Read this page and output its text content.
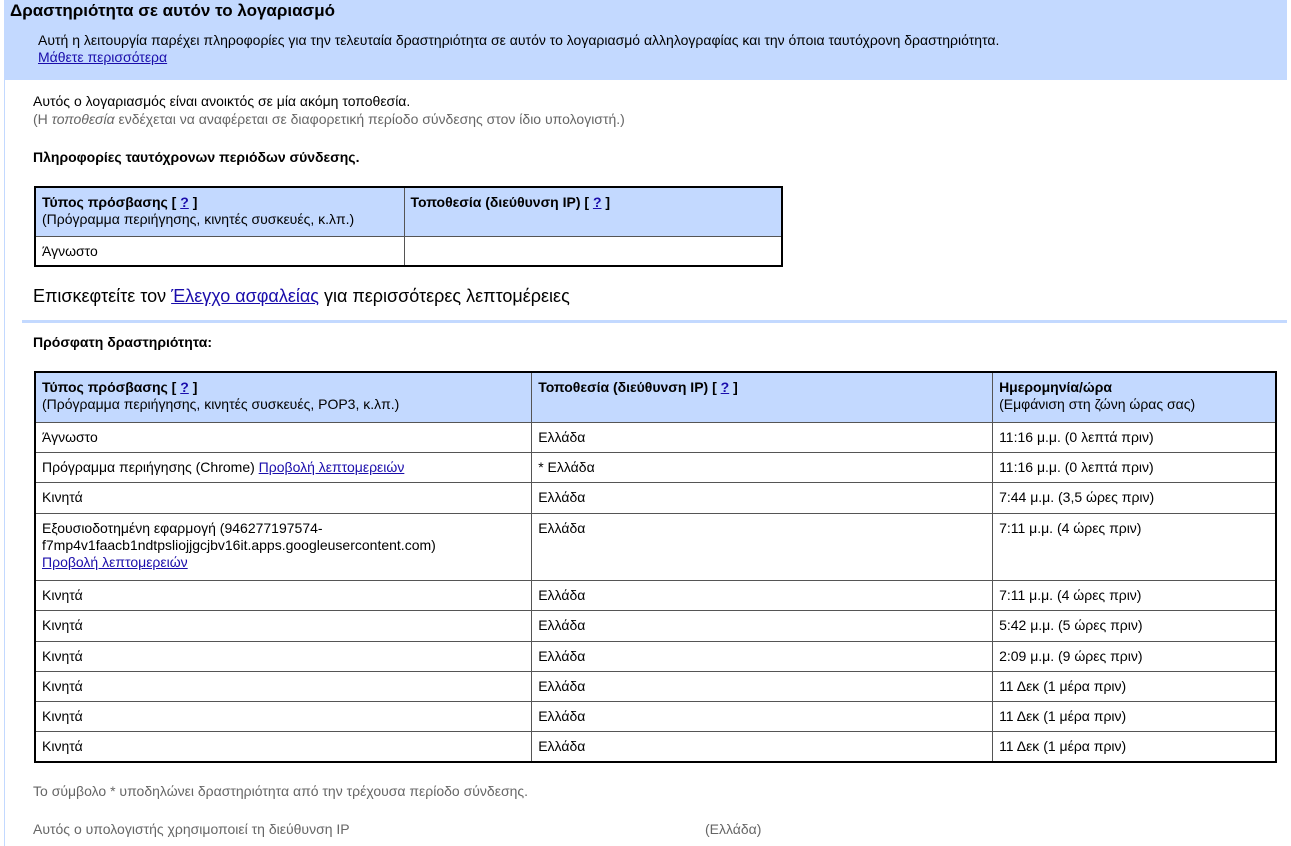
Δραστηριότητα σε αυτόν το λογαριασμό
Αυτή η λειτουργία παρέχει πληροφορίες για την τελευταία δραστηριότητα σε αυτόν το λογαριασμό αλληλογραφίας και την όποια ταυτόχρονη δραστηριότητα.
Μάθετε περισσότερα
Αυτός ο λογαριασμός είναι ανοικτός σε μία ακόμη τοποθεσία.
(Η τοποθεσία ενδέχεται να αναφέρεται σε διαφορετική περίοδο σύνδεσης στον ίδιο υπολογιστή.)
Πληροφορίες ταυτόχρονων περιόδων σύνδεσης.
Τύπος πρόσβασης [ ? ]
(Πρόγραμμα περιήγησης, κινητές συσκευές, κ.λπ.)	Τοποθεσία (διεύθυνση IP) [ ? ]

Άγνωστο	
Επισκεφτείτε τον Έλεγχο ασφαλείας για περισσότερες λεπτομέρειες
Πρόσφατη δραστηριότητα:
Τύπος πρόσβασης [ ? ]
(Πρόγραμμα περιήγησης, κινητές συσκευές, POP3, κ.λπ.)	Τοποθεσία (διεύθυνση IP) [ ? ]	Ημερομηνία/ώρα
(Εμφάνιση στη ζώνη ώρας σας)

Άγνωστο	Ελλάδα	11:16 μ.μ. (0 λεπτά πριν)
Πρόγραμμα περιήγησης (Chrome) Προβολή λεπτομερειών	* Ελλάδα	11:16 μ.μ. (0 λεπτά πριν)
Κινητά	Ελλάδα	7:44 μ.μ. (3,5 ώρες πριν)
Εξουσιοδοτημένη εφαρμογή (946277197574-
f7mp4v1faacb1ndtpsliojjgcjbv16it.apps.googleusercontent.com)
Προβολή λεπτομερειών	Ελλάδα	7:11 μ.μ. (4 ώρες πριν)
Κινητά	Ελλάδα	7:11 μ.μ. (4 ώρες πριν)
Κινητά	Ελλάδα	5:42 μ.μ. (5 ώρες πριν)
Κινητά	Ελλάδα	2:09 μ.μ. (9 ώρες πριν)
Κινητά	Ελλάδα	11 Δεκ (1 μέρα πριν)
Κινητά	Ελλάδα	11 Δεκ (1 μέρα πριν)
Κινητά	Ελλάδα	11 Δεκ (1 μέρα πριν)
Το σύμβολο * υποδηλώνει δραστηριότητα από την τρέχουσα περίοδο σύνδεσης.
Αυτός ο υπολογιστής χρησιμοποιεί τη διεύθυνση IP	(Ελλάδα)
